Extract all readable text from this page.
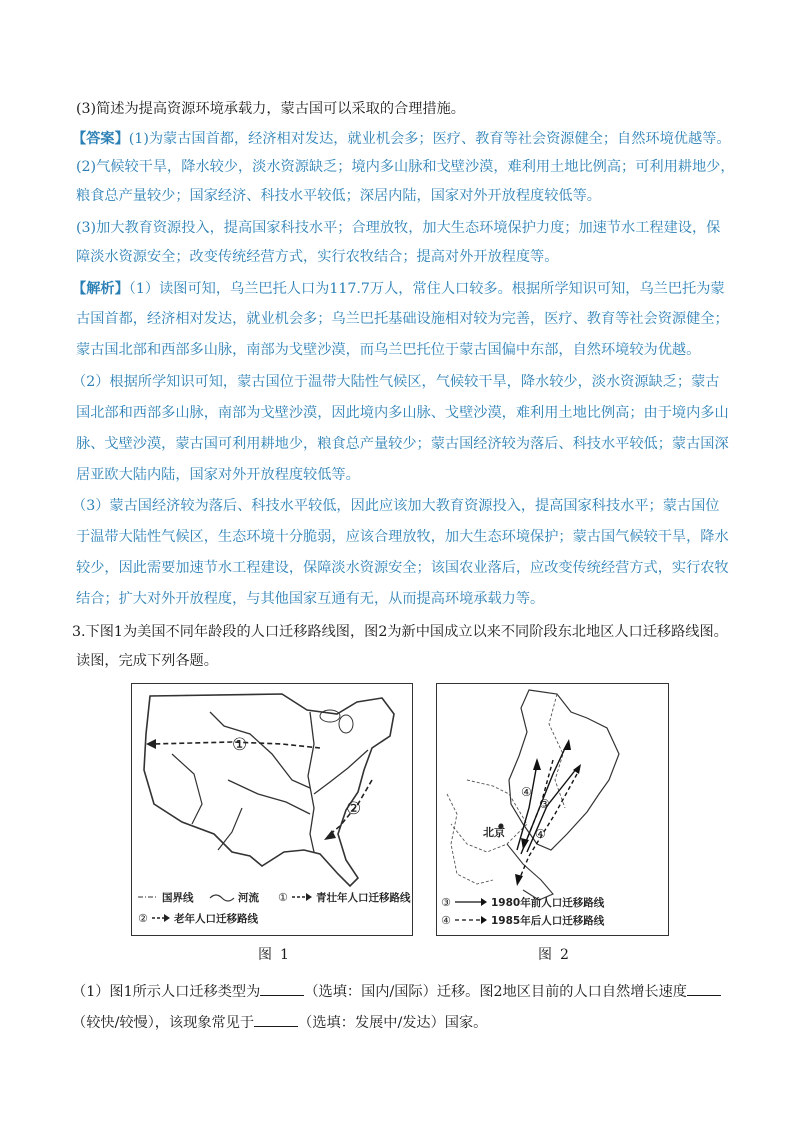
(3)简述为提高资源环境承载力，蒙古国可以采取的合理措施。
【答案】(1)为蒙古国首都，经济相对发达，就业机会多；医疗、教育等社会资源健全；自然环境优越等。
(2)气候较干旱，降水较少，淡水资源缺乏；境内多山脉和戈壁沙漠，难利用土地比例高；可利用耕地少，
粮食总产量较少；国家经济、科技水平较低；深居内陆，国家对外开放程度较低等。
(3)加大教育资源投入，提高国家科技水平；合理放牧，加大生态环境保护力度；加速节水工程建设，保
障淡水资源安全；改变传统经营方式，实行农牧结合；提高对外开放程度等。
【解析】（1）读图可知，乌兰巴托人口为117.7万人，常住人口较多。根据所学知识可知，乌兰巴托为蒙
古国首都，经济相对发达，就业机会多；乌兰巴托基础设施相对较为完善，医疗、教育等社会资源健全；
蒙古国北部和西部多山脉，南部为戈壁沙漠，而乌兰巴托位于蒙古国偏中东部，自然环境较为优越。
（2）根据所学知识可知，蒙古国位于温带大陆性气候区，气候较干旱，降水较少，淡水资源缺乏；蒙古
国北部和西部多山脉，南部为戈壁沙漠，因此境内多山脉、戈壁沙漠，难利用土地比例高；由于境内多山
脉、戈壁沙漠，蒙古国可利用耕地少，粮食总产量较少；蒙古国经济较为落后、科技水平较低；蒙古国深
居亚欧大陆内陆，国家对外开放程度较低等。
（3）蒙古国经济较为落后、科技水平较低，因此应该加大教育资源投入，提高国家科技水平；蒙古国位
于温带大陆性气候区，生态环境十分脆弱，应该合理放牧，加大生态环境保护；蒙古国气候较干旱，降水
较少，因此需要加速节水工程建设，保障淡水资源安全；该国农业落后，应改变传统经营方式，实行农牧
结合；扩大对外开放程度，与其他国家互通有无，从而提高环境承载力等。
3.下图1为美国不同年龄段的人口迁移路线图，图2为新中国成立以来不同阶段东北地区人口迁移路线图。
读图，完成下列各题。
①
②
国界线	河流 ①	青壮年人口迁移路线
② 老年人口迁移路线
图1
④
③
④
北京
③	1980年前人口迁移路线
④	1985年后人口迁移路线
图2
（1）图1所示人口迁移类型为	（选填：国内/国际）迁移。图2地区目前的人口自然增长速度
（较快/较慢），该现象常见于	（选填：发展中/发达）国家。
